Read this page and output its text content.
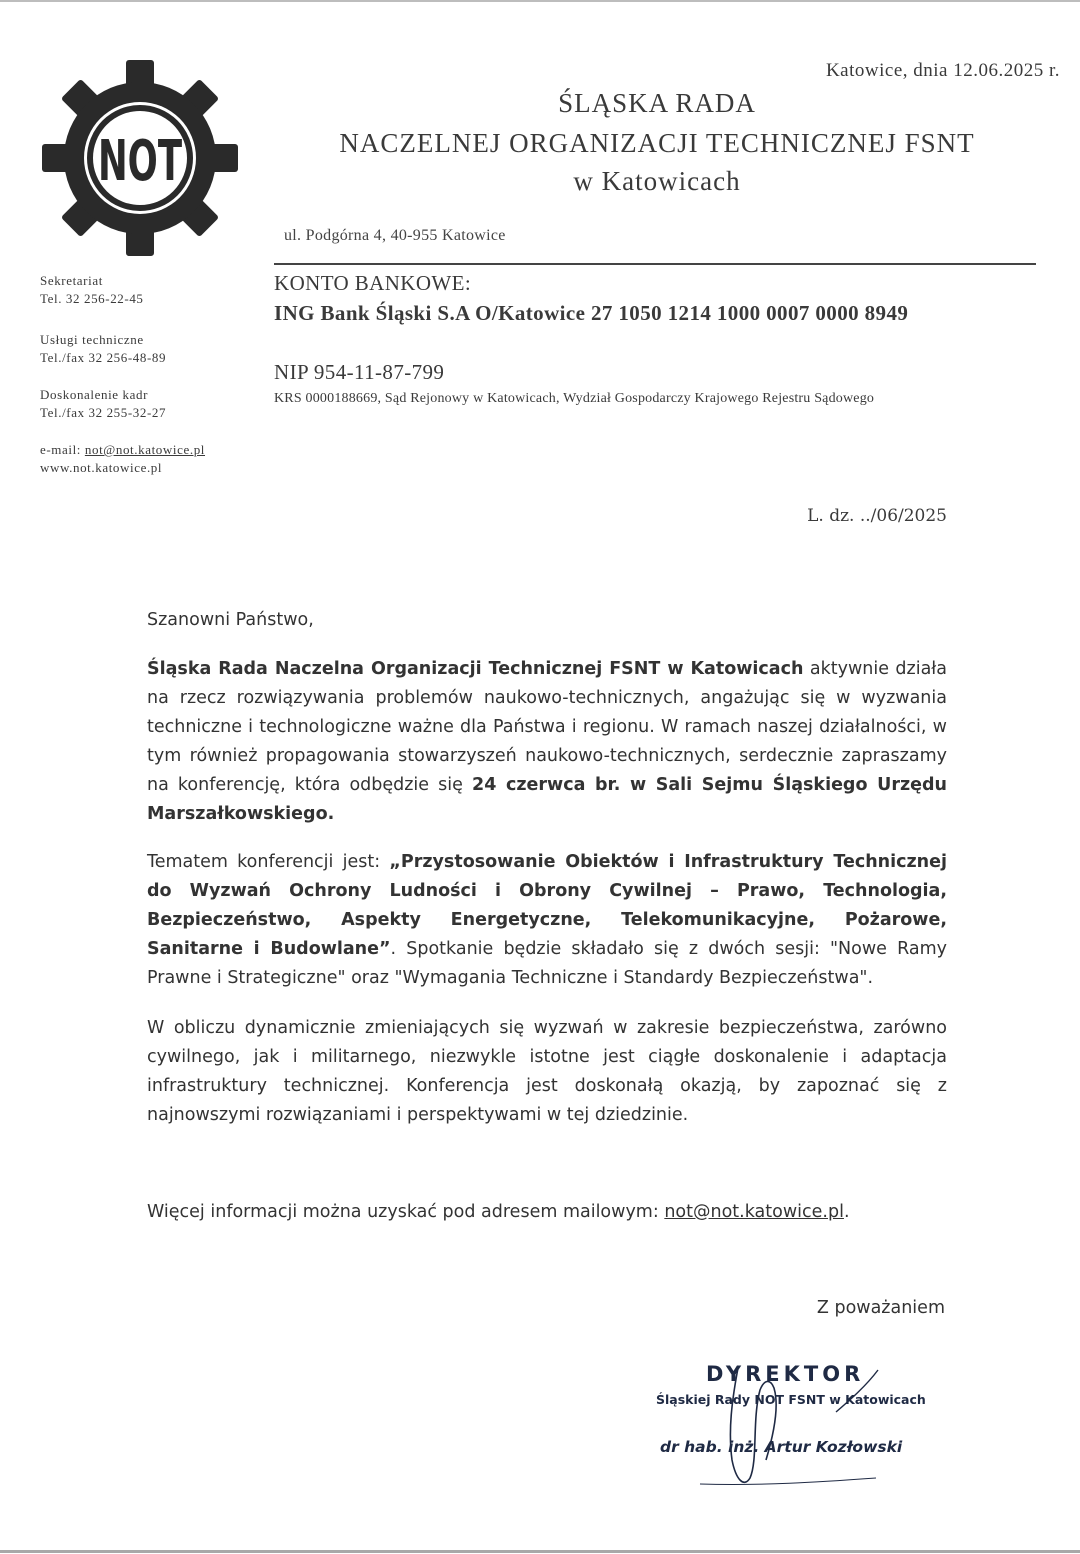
NOT
Katowice, dnia 12.06.2025 r.
ŚLĄSKA RADA
NACZELNEJ ORGANIZACJI TECHNICZNEJ FSNT
w Katowicach
ul. Podgórna 4, 40-955 Katowice
Sekretariat
Tel. 32 256-22-45
Usługi techniczne
Tel./fax 32 256-48-89
Doskonalenie kadr
Tel./fax 32 255-32-27
e-mail: not@not.katowice.pl
www.not.katowice.pl
KONTO BANKOWE:
ING Bank Śląski S.A O/Katowice 27 1050 1214 1000 0007 0000 8949
NIP 954-11-87-799
KRS 0000188669, Sąd Rejonowy w Katowicach, Wydział Gospodarczy Krajowego Rejestru Sądowego
L. dz. ../06/2025
Szanowni Państwo,
Śląska Rada Naczelna Organizacji Technicznej FSNT w Katowicach aktywnie działa na rzecz rozwiązywania problemów naukowo-technicznych, angażując się w wyzwania techniczne i technologiczne ważne dla Państwa i regionu. W ramach naszej działalności, w tym również propagowania stowarzyszeń naukowo-technicznych, serdecznie zapraszamy na konferencję, która odbędzie się 24 czerwca br. w Sali Sejmu Śląskiego Urzędu Marszałkowskiego.
Tematem konferencji jest: „Przystosowanie Obiektów i Infrastruktury Technicznej do Wyzwań Ochrony Ludności i Obrony Cywilnej – Prawo, Technologia, Bezpieczeństwo, Aspekty Energetyczne, Telekomunikacyjne, Pożarowe, Sanitarne i Budowlane”. Spotkanie będzie składało się z dwóch sesji: "Nowe Ramy Prawne i Strategiczne" oraz "Wymagania Techniczne i Standardy Bezpieczeństwa".
W obliczu dynamicznie zmieniających się wyzwań w zakresie bezpieczeństwa, zarówno cywilnego, jak i militarnego, niezwykle istotne jest ciągłe doskonalenie i adaptacja infrastruktury technicznej. Konferencja jest doskonałą okazją, by zapoznać się z najnowszymi rozwiązaniami i perspektywami w tej dziedzinie.
Więcej informacji można uzyskać pod adresem mailowym: not@not.katowice.pl.
Z poważaniem
DYREKTOR
Śląskiej Rady NOT FSNT w Katowicach
dr hab. inż. Artur Kozłowski
